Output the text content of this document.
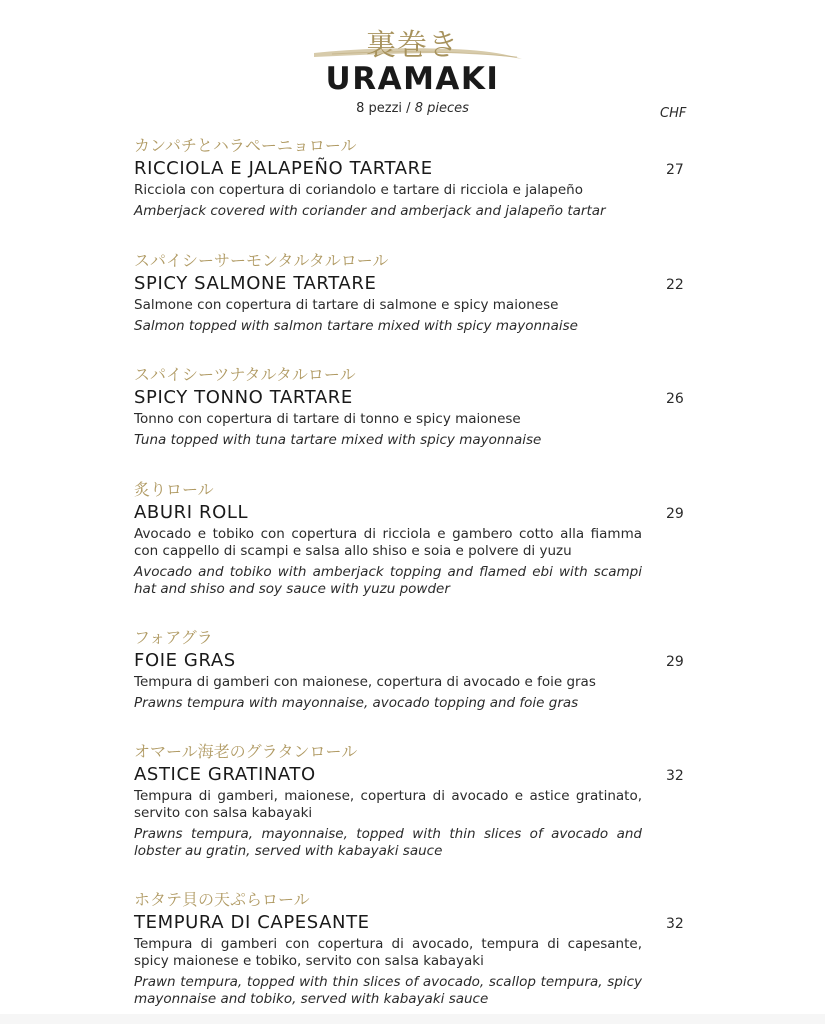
裏巻き
URAMAKI
8 pezzi / 8 pieces	CHF
カンパチとハラペーニョロール
RICCIOLA E JALAPEÑO TARTARE	27
Ricciola con copertura di coriandolo e tartare di ricciola e jalapeño
Amberjack covered with coriander and amberjack and jalapeño tartar
スパイシーサーモンタルタルロール
SPICY SALMONE TARTARE	22
Salmone con copertura di tartare di salmone e spicy maionese
Salmon topped with salmon tartare mixed with spicy mayonnaise
スパイシーツナタルタルロール
SPICY TONNO TARTARE	26
Tonno con copertura di tartare di tonno e spicy maionese
Tuna topped with tuna tartare mixed with spicy mayonnaise
炙りロール
ABURI ROLL	29
Avocado e tobiko con copertura di ricciola e gambero cotto alla fiamma con cappello di scampi e salsa allo shiso e soia e polvere di yuzu
Avocado and tobiko with amberjack topping and flamed ebi with scampi hat and shiso and soy sauce with yuzu powder
フォアグラ
FOIE GRAS	29
Tempura di gamberi con maionese, copertura di avocado e foie gras
Prawns tempura with mayonnaise, avocado topping and foie gras
オマール海老のグラタンロール
ASTICE GRATINATO	32
Tempura di gamberi, maionese, copertura di avocado e astice gratinato, servito con salsa kabayaki
Prawns tempura, mayonnaise, topped with thin slices of avocado and lobster au gratin, served with kabayaki sauce
ホタテ貝の天ぷらロール
TEMPURA DI CAPESANTE	32
Tempura di gamberi con copertura di avocado, tempura di capesante, spicy maionese e tobiko, servito con salsa kabayaki
Prawn tempura, topped with thin slices of avocado, scallop tempura, spicy mayonnaise and tobiko, served with kabayaki sauce
